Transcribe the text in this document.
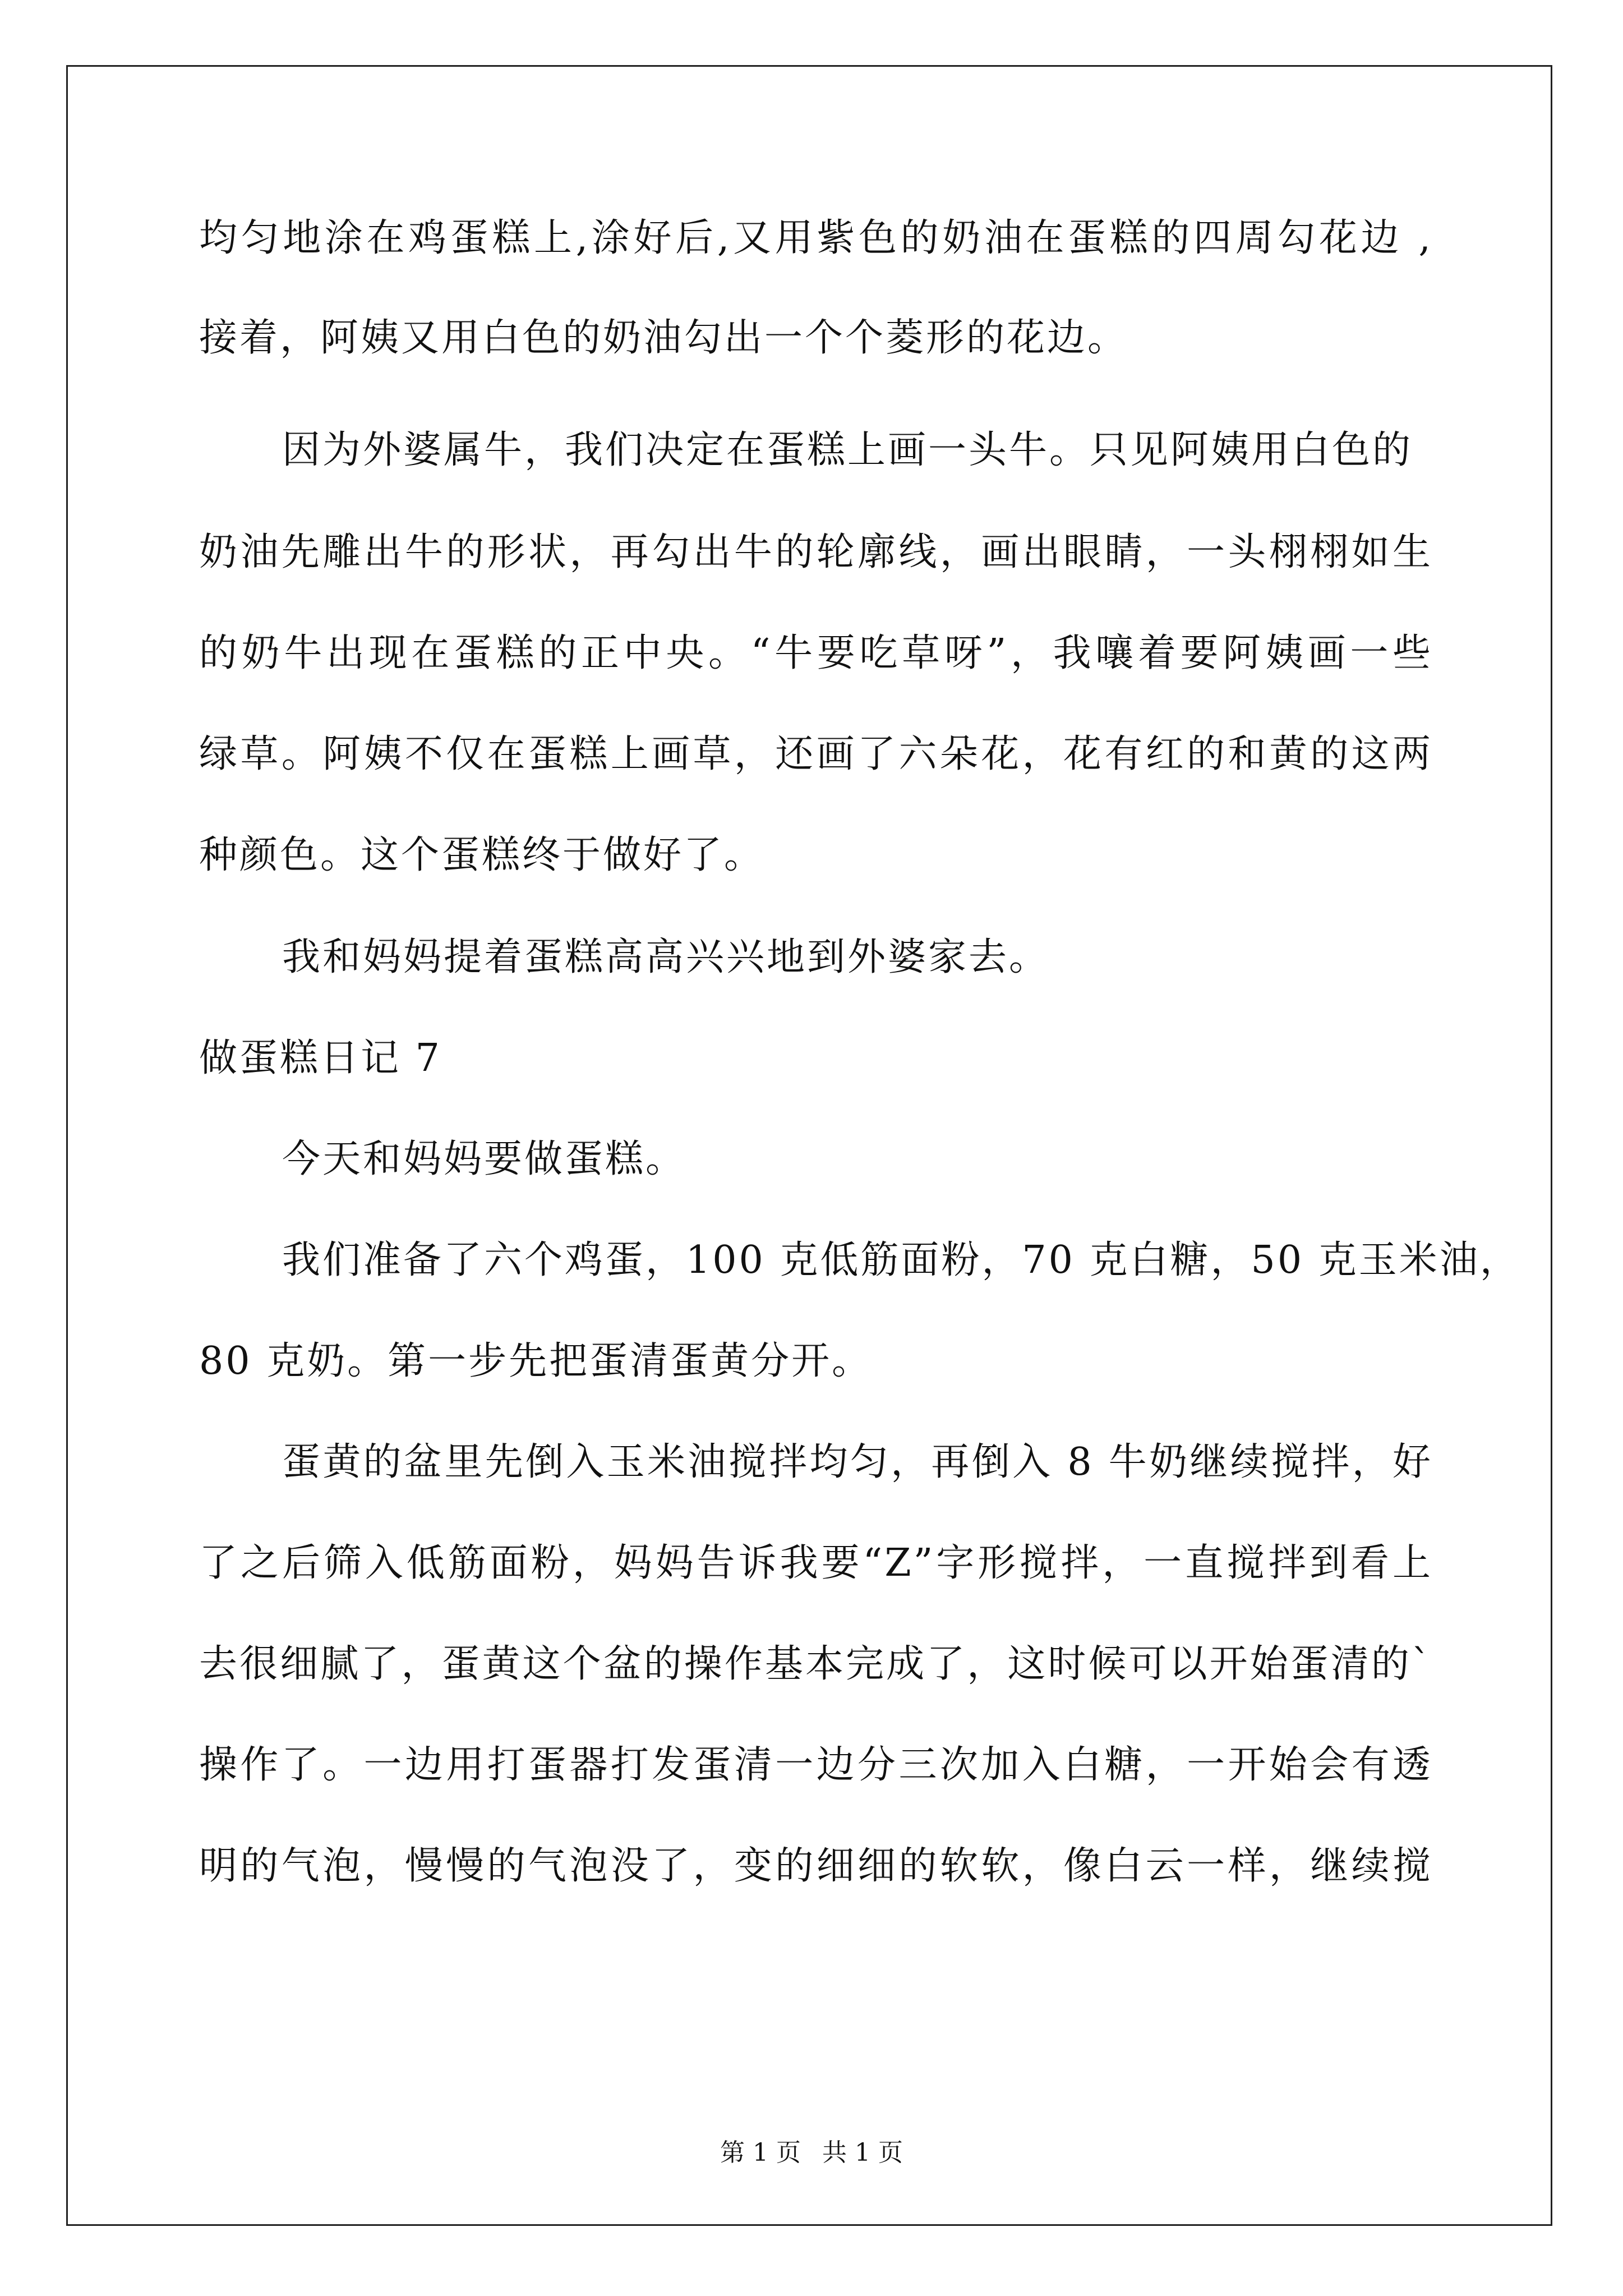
均匀地涂在鸡蛋糕上,涂好后,又用紫色的奶油在蛋糕的四周勾花边 ,
接着，阿姨又用白色的奶油勾出一个个菱形的花边。
因为外婆属牛，我们决定在蛋糕上画一头牛。只见阿姨用白色的
奶油先雕出牛的形状，再勾出牛的轮廓线，画出眼睛，一头栩栩如生
的奶牛出现在蛋糕的正中央。“牛要吃草呀”，我嚷着要阿姨画一些
绿草。阿姨不仅在蛋糕上画草，还画了六朵花，花有红的和黄的这两
种颜色。这个蛋糕终于做好了。
我和妈妈提着蛋糕高高兴兴地到外婆家去。
做蛋糕日记 7
今天和妈妈要做蛋糕。
我们准备了六个鸡蛋，100 克低筋面粉，70 克白糖，50 克玉米油，
80 克奶。第一步先把蛋清蛋黄分开。
蛋黄的盆里先倒入玉米油搅拌均匀，再倒入 8 牛奶继续搅拌，好
了之后筛入低筋面粉，妈妈告诉我要“Z”字形搅拌，一直搅拌到看上
去很细腻了，蛋黄这个盆的操作基本完成了，这时候可以开始蛋清的`
操作了。一边用打蛋器打发蛋清一边分三次加入白糖，一开始会有透
明的气泡，慢慢的气泡没了，变的细细的软软，像白云一样，继续搅
第 1 页 共 1 页
